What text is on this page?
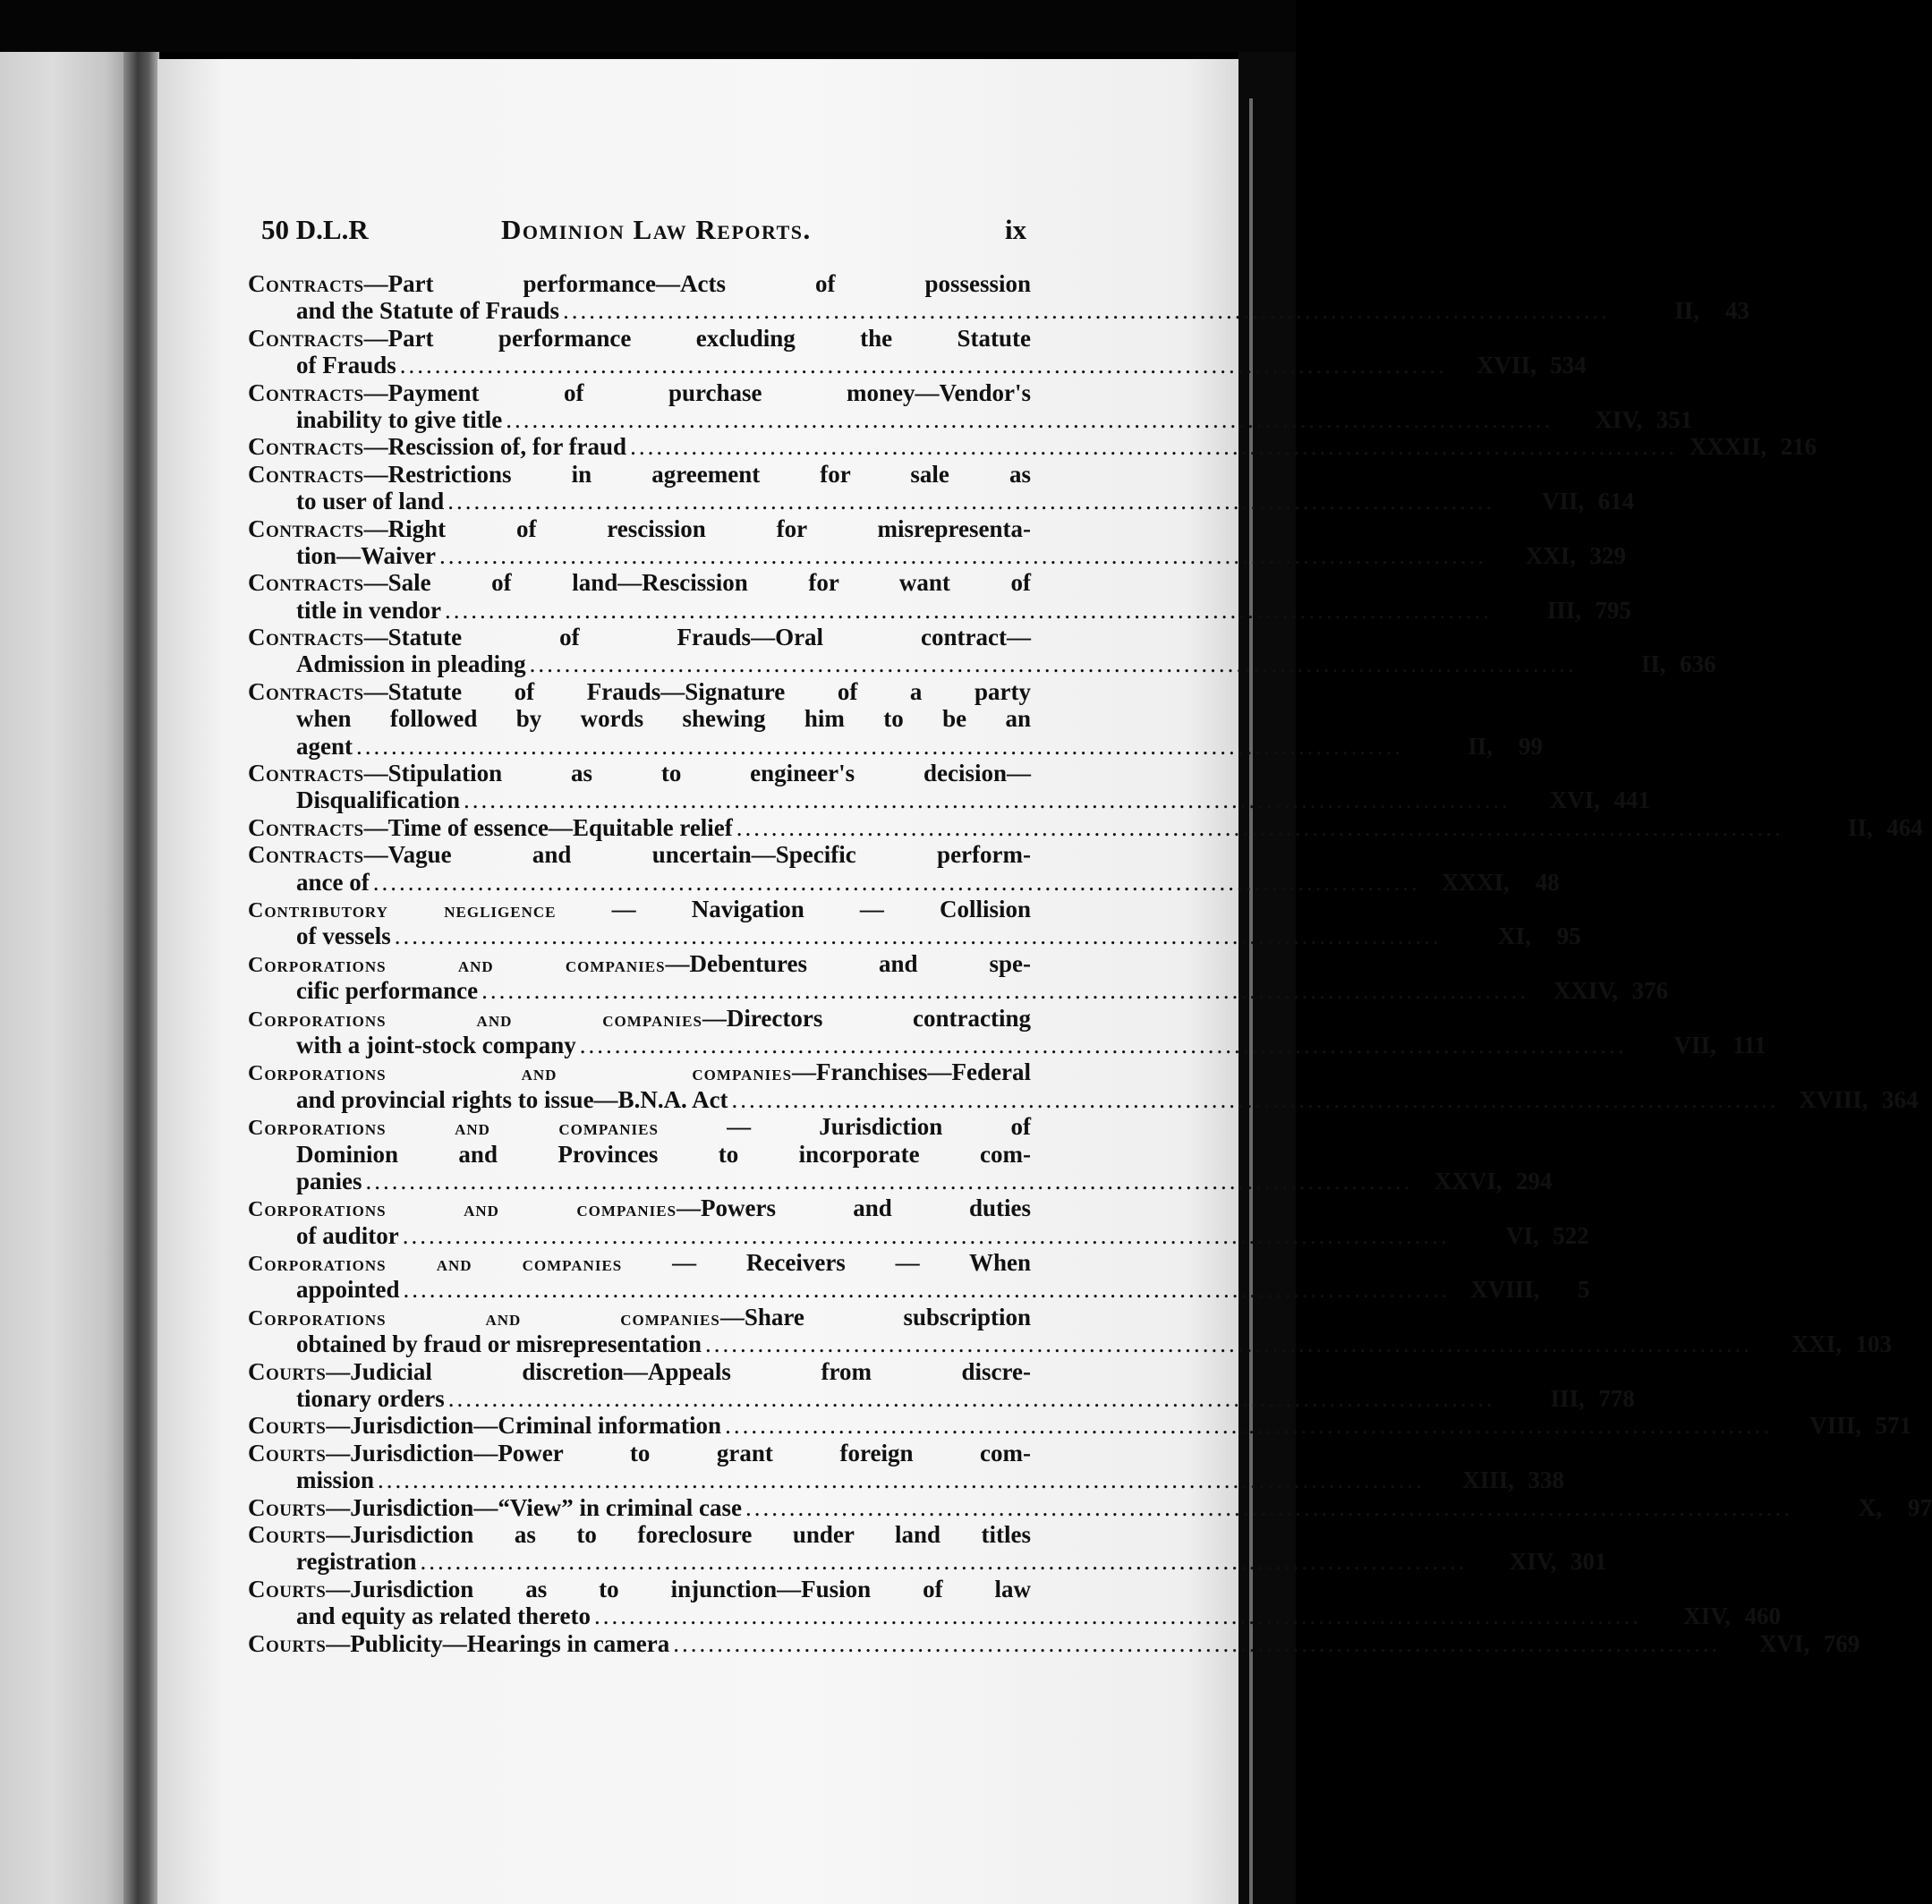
50 D.L.R	Dominion Law Reports.	ix
Contracts—Part performance—Acts of possession
and the Statute of Frauds ........................................................................................................................	II, 43
Contracts—Part performance excluding the Statute
of Frauds ........................................................................................................................	XVII, 534
Contracts—Payment of purchase money—Vendor's
inability to give title ........................................................................................................................	XIV, 351
Contracts—Rescission of, for fraud ........................................................................................................................ XXXII, 216
Contracts—Restrictions in agreement for sale as
to user of land ........................................................................................................................	VII, 614
Contracts—Right of rescission for misrepresenta-
tion—Waiver ........................................................................................................................	XXI, 329
Contracts—Sale of land—Rescission for want of
title in vendor ........................................................................................................................	III, 795
Contracts—Statute of Frauds—Oral contract—
Admission in pleading ........................................................................................................................	II, 636
Contracts—Statute of Frauds—Signature of a party
when followed by words shewing him to be an
agent ........................................................................................................................	II, 99
Contracts—Stipulation as to engineer's decision—
Disqualification ........................................................................................................................	XVI, 441
Contracts—Time of essence—Equitable relief ........................................................................................................................	II, 464
Contracts—Vague and uncertain—Specific perform-
ance of ........................................................................................................................ XXXI, 48
Contributory negligence — Navigation — Collision
of vessels ........................................................................................................................	XI, 95
Corporations and companies—Debentures and spe-
cific performance ........................................................................................................................	XXIV, 376
Corporations and companies—Directors contracting
with a joint-stock company ........................................................................................................................	VII, 111
Corporations and companies—Franchises—Federal
and provincial rights to issue—B.N.A. Act ........................................................................................................................ XVIII, 364
Corporations and companies — Jurisdiction of
Dominion and Provinces to incorporate com-
panies ........................................................................................................................ XXVI, 294
Corporations and companies—Powers and duties
of auditor ........................................................................................................................	VI, 522
Corporations and companies — Receivers — When
appointed ........................................................................................................................ XVIII, 5
Corporations and companies—Share subscription
obtained by fraud or misrepresentation ........................................................................................................................	XXI, 103
Courts—Judicial discretion—Appeals from discre-
tionary orders ........................................................................................................................	III, 778
Courts—Jurisdiction—Criminal information ........................................................................................................................	VIII, 571
Courts—Jurisdiction—Power to grant foreign com-
mission ........................................................................................................................	XIII, 338
Courts—Jurisdiction—“View” in criminal case ........................................................................................................................	X, 97
Courts—Jurisdiction as to foreclosure under land titles
registration ........................................................................................................................	XIV, 301
Courts—Jurisdiction as to injunction—Fusion of law
and equity as related thereto ........................................................................................................................	XIV, 460
Courts—Publicity—Hearings in camera ........................................................................................................................	XVI, 769
